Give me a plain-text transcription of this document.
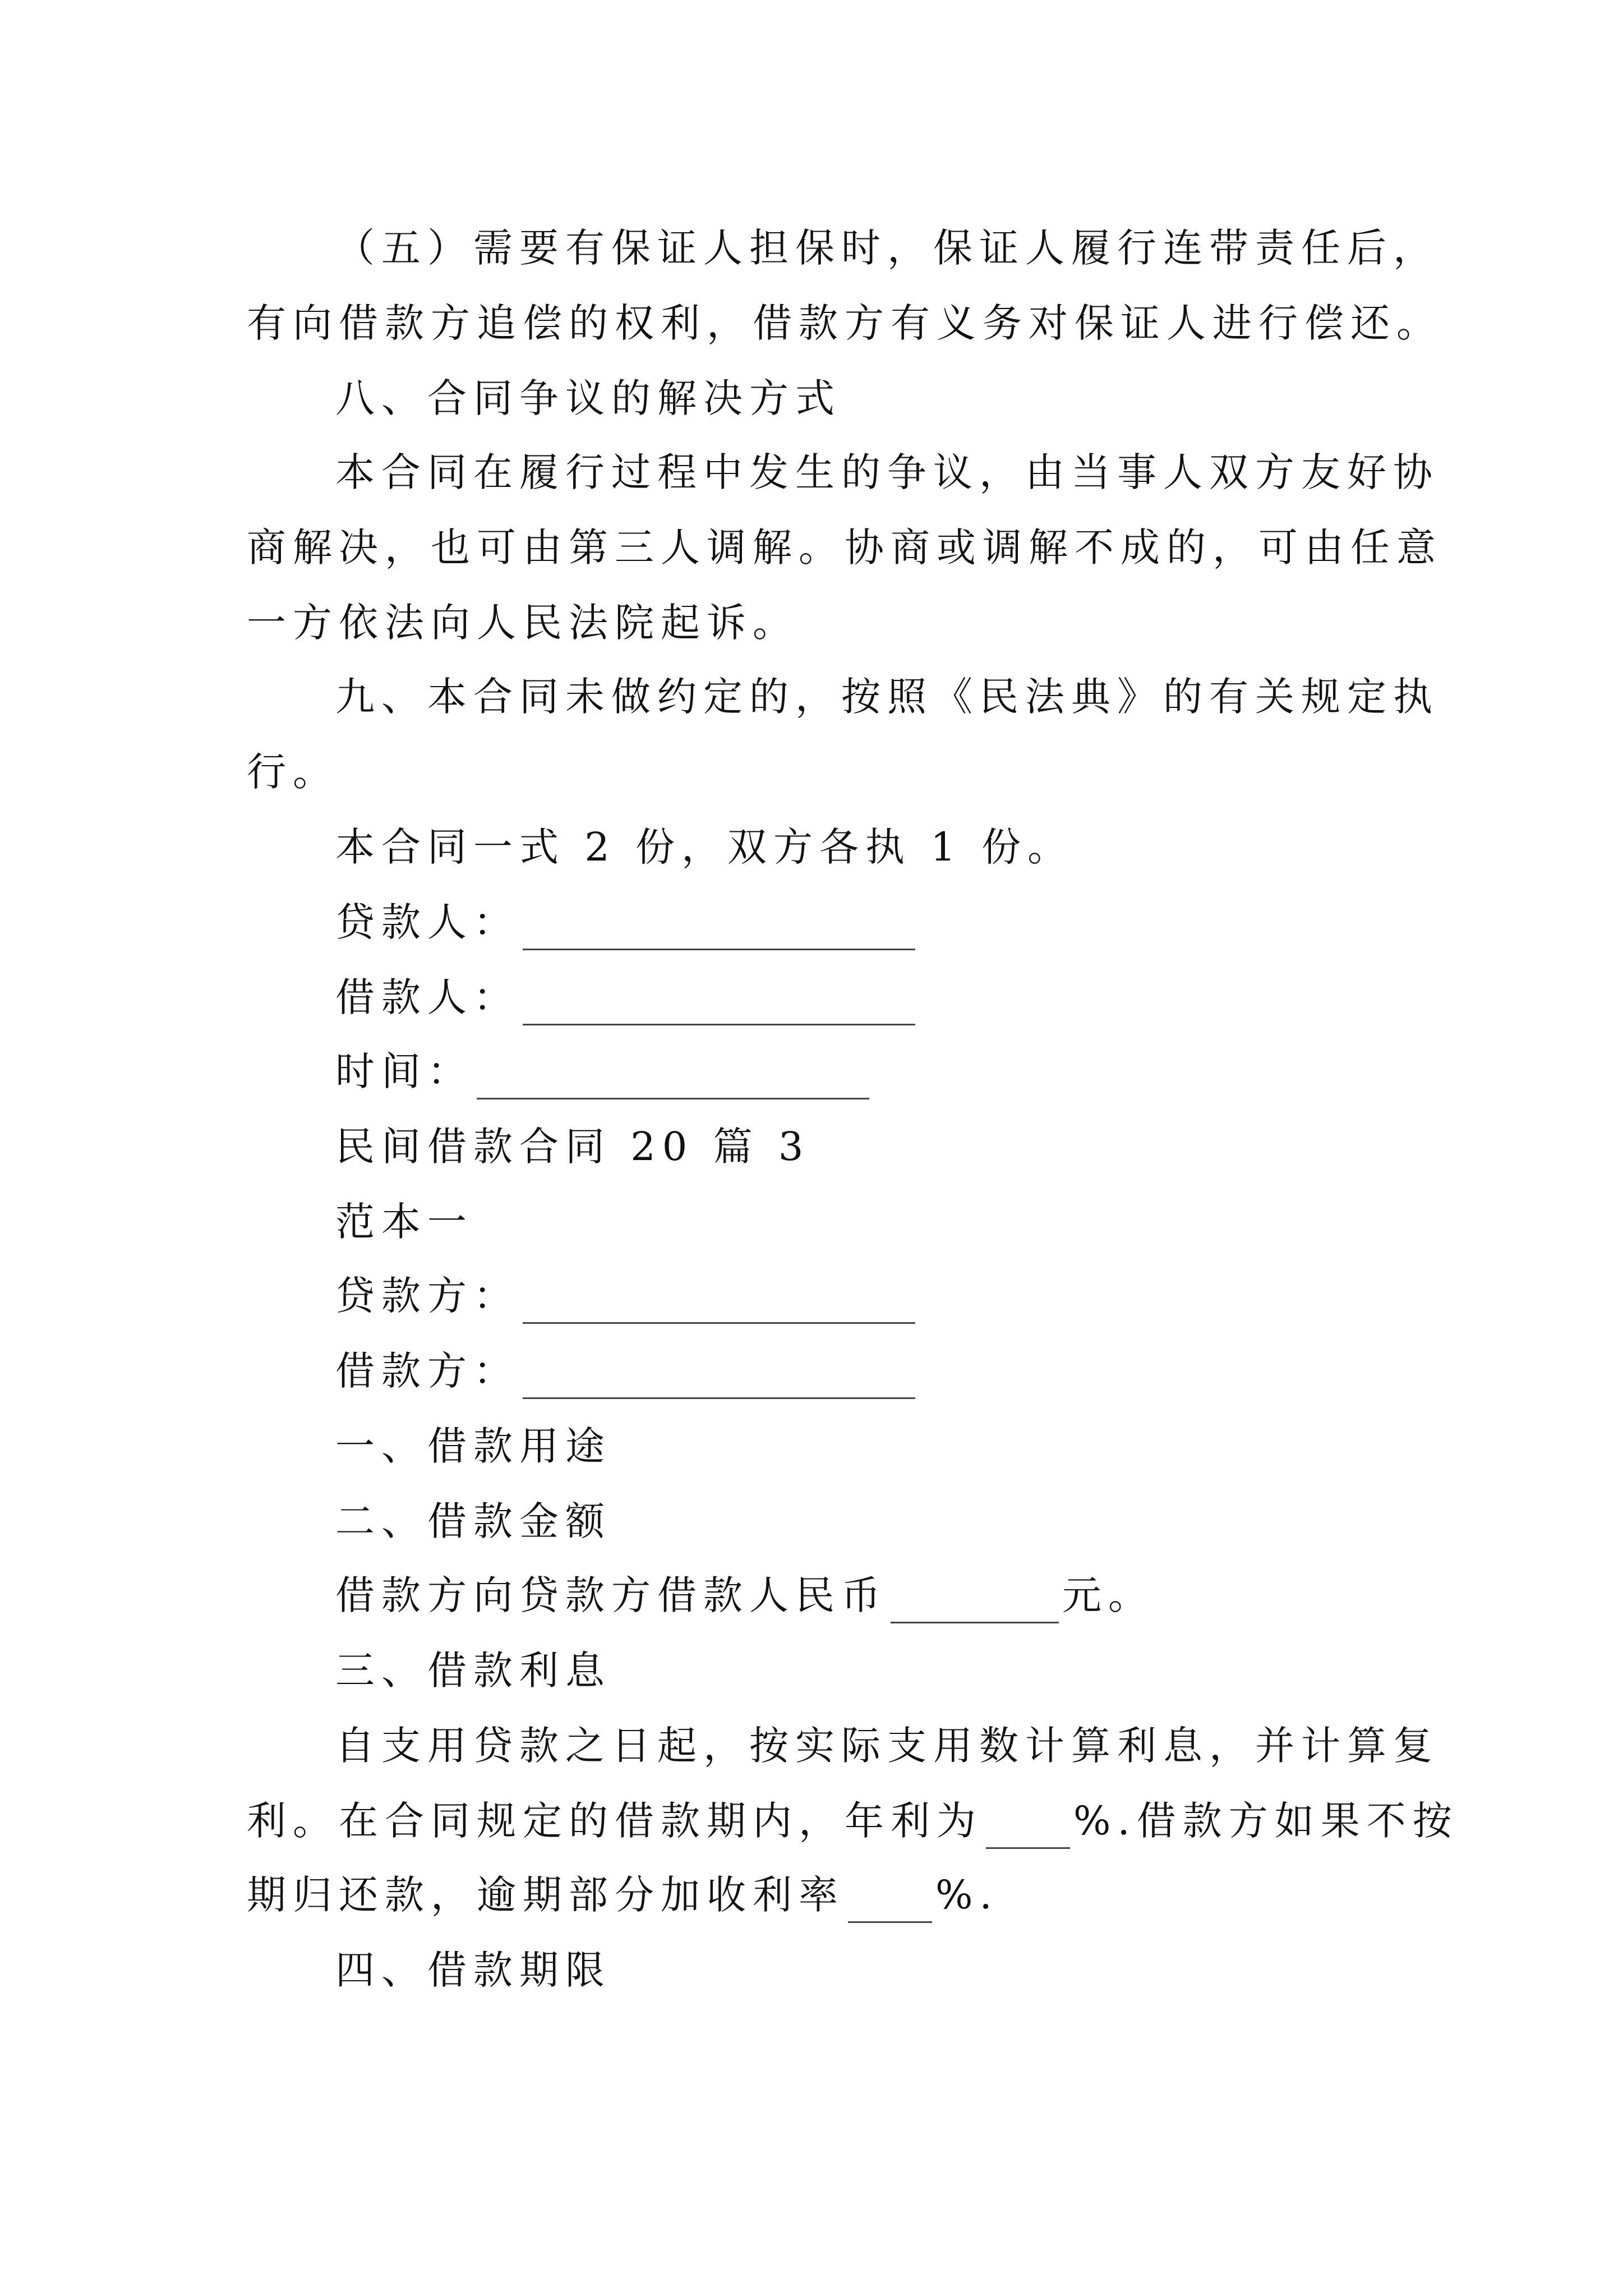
（五）需要有保证人担保时，保证人履行连带责任后，
有向借款方追偿的权利，借款方有义务对保证人进行偿还。
八、合同争议的解决方式
本合同在履行过程中发生的争议，由当事人双方友好协
商解决，也可由第三人调解。协商或调解不成的，可由任意
一方依法向人民法院起诉。
九、本合同未做约定的，按照《民法典》的有关规定执
行。
本合同一式 2 份，双方各执 1 份。
贷款人：
借款人：
时间：
民间借款合同 20 篇 3
范本一
贷款方：
借款方：
一、借款用途
二、借款金额
借款方向贷款方借款人民币	元。
三、借款利息
自支用贷款之日起，按实际支用数计算利息，并计算复
利。在合同规定的借款期内，年利为 %.借款方如果不按
期归还款，逾期部分加收利率 %.
四、借款期限
